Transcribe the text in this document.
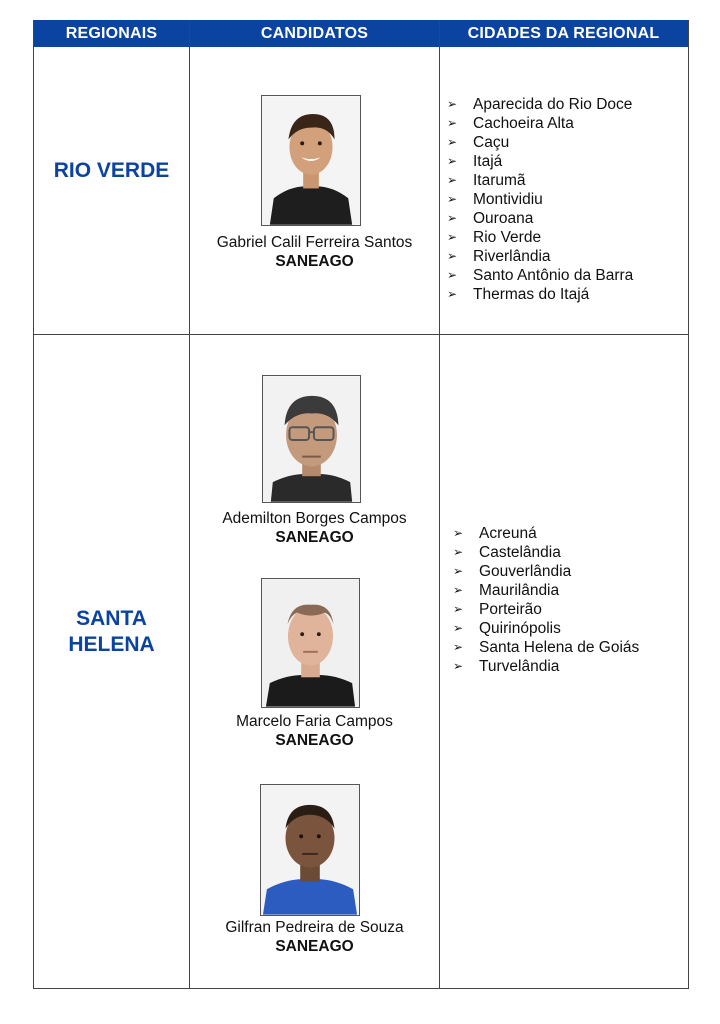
REGIONAIS	CANDIDATOS	CIDADES DA REGIONAL
RIO VERDE
Gabriel Calil Ferreira Santos
SANEAGO
➢ Aparecida do Rio Doce
➢ Cachoeira Alta
➢ Caçu
➢ Itajá
➢ Itarumã
➢ Montividiu
➢ Ouroana
➢ Rio Verde
➢ Riverlândia
➢ Santo Antônio da Barra
➢ Thermas do Itajá
SANTA
HELENA
Ademilton Borges Campos
SANEAGO
Marcelo Faria Campos
SANEAGO
Gilfran Pedreira de Souza
SANEAGO
➢ Acreuná
➢ Castelândia
➢ Gouverlândia
➢ Maurilândia
➢ Porteirão
➢ Quirinópolis
➢ Santa Helena de Goiás
➢ Turvelândia
